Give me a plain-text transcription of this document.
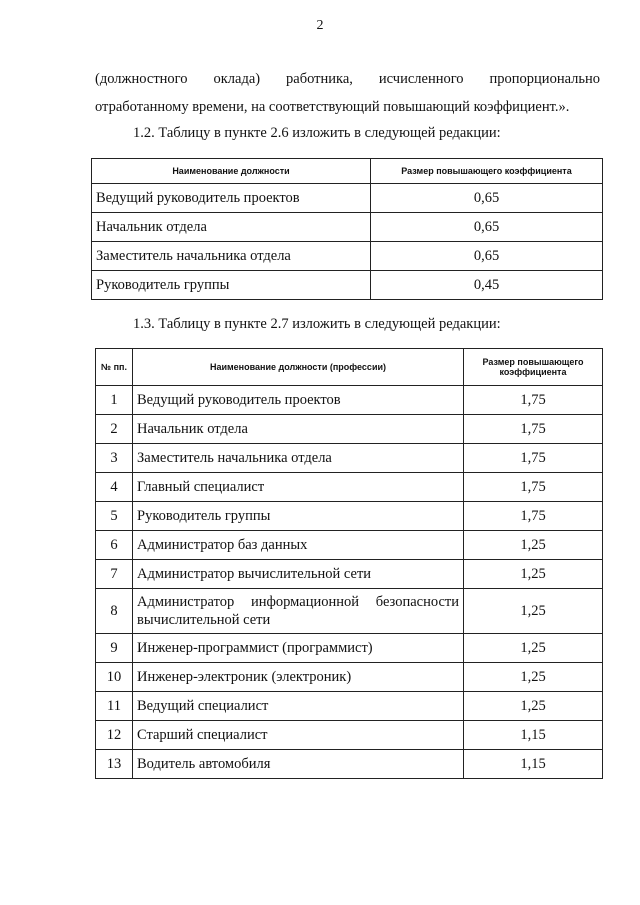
2
(должностного оклада) работника, исчисленного пропорционально
отработанному времени, на соответствующий повышающий коэффициент.».
1.2. Таблицу в пункте 2.6 изложить в следующей редакции:
Наименование должности	Размер повышающего коэффициента
Ведущий руководитель проектов	0,65
Начальник отдела	0,65
Заместитель начальника отдела	0,65
Руководитель группы	0,45
1.3. Таблицу в пункте 2.7 изложить в следующей редакции:
№ пп.	Наименование должности (профессии)	Размер повышающего коэффициента
1	Ведущий руководитель проектов	1,75
2	Начальник отдела	1,75
3	Заместитель начальника отдела	1,75
4	Главный специалист	1,75
5	Руководитель группы	1,75
6	Администратор баз данных	1,25
7	Администратор вычислительной сети	1,25
8	Администратор информационной безопасности вычислительной сети	1,25
9	Инженер-программист (программист)	1,25
10	Инженер-электроник (электроник)	1,25
11	Ведущий специалист	1,25
12	Старший специалист	1,15
13	Водитель автомобиля	1,15
